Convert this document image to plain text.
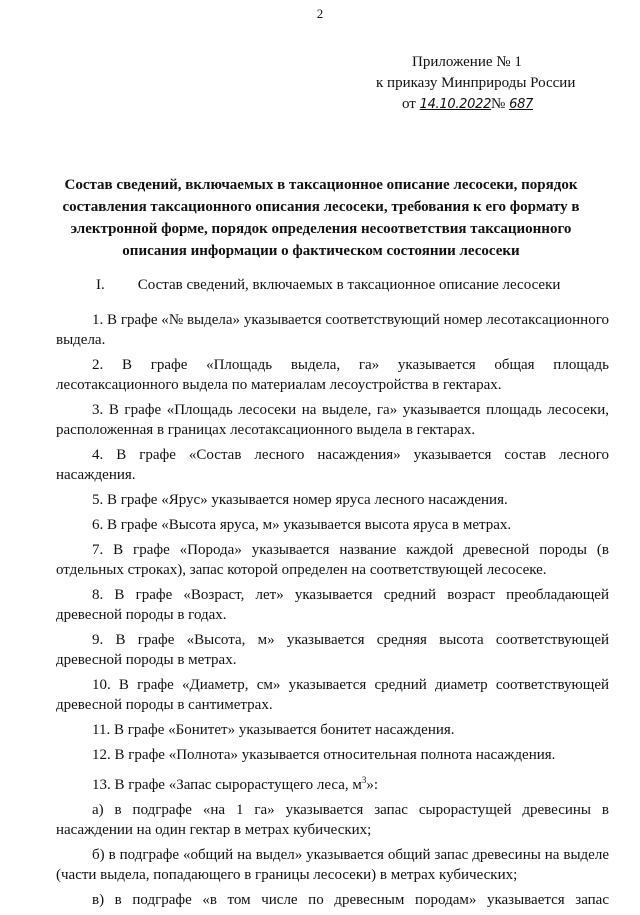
2
Приложение № 1
к приказу Минприроды России
от 14.10.2022№ 687
Состав сведений, включаемых в таксационное описание лесосеки, порядок составления таксационного описания лесосеки, требования к его формату в электронной форме, порядок определения несоответствия таксационного описания информации о фактическом состоянии лесосеки
I. Состав сведений, включаемых в таксационное описание лесосеки

1. В графе «№ выдела» указывается соответствующий номер лесотаксационного выдела.

2. В графе «Площадь выдела, га» указывается общая площадь лесотаксационного выдела по материалам лесоустройства в гектарах.

3. В графе «Площадь лесосеки на выделе, га» указывается площадь лесосеки, расположенная в границах лесотаксационного выдела в гектарах.

4. В графе «Состав лесного насаждения» указывается состав лесного насаждения.

5. В графе «Ярус» указывается номер яруса лесного насаждения.

6. В графе «Высота яруса, м» указывается высота яруса в метрах.

7. В графе «Порода» указывается название каждой древесной породы (в отдельных строках), запас которой определен на соответствующей лесосеке.

8. В графе «Возраст, лет» указывается средний возраст преобладающей древесной породы в годах.

9. В графе «Высота, м» указывается средняя высота соответствующей древесной породы в метрах.

10. В графе «Диаметр, см» указывается средний диаметр соответствующей древесной породы в сантиметрах.

11. В графе «Бонитет» указывается бонитет насаждения.

12. В графе «Полнота» указывается относительная полнота насаждения.

13. В графе «Запас сырорастущего леса, $м^3$»:

а) в подграфе «на 1 га» указывается запас сырорастущей древесины в насаждении на один гектар в метрах кубических;

б) в подграфе «общий на выдел» указывается общий запас древесины на выделе (части выдела, попадающего в границы лесосеки) в метрах кубических;

в) в подграфе «в том числе по древесным породам» указывается запас
